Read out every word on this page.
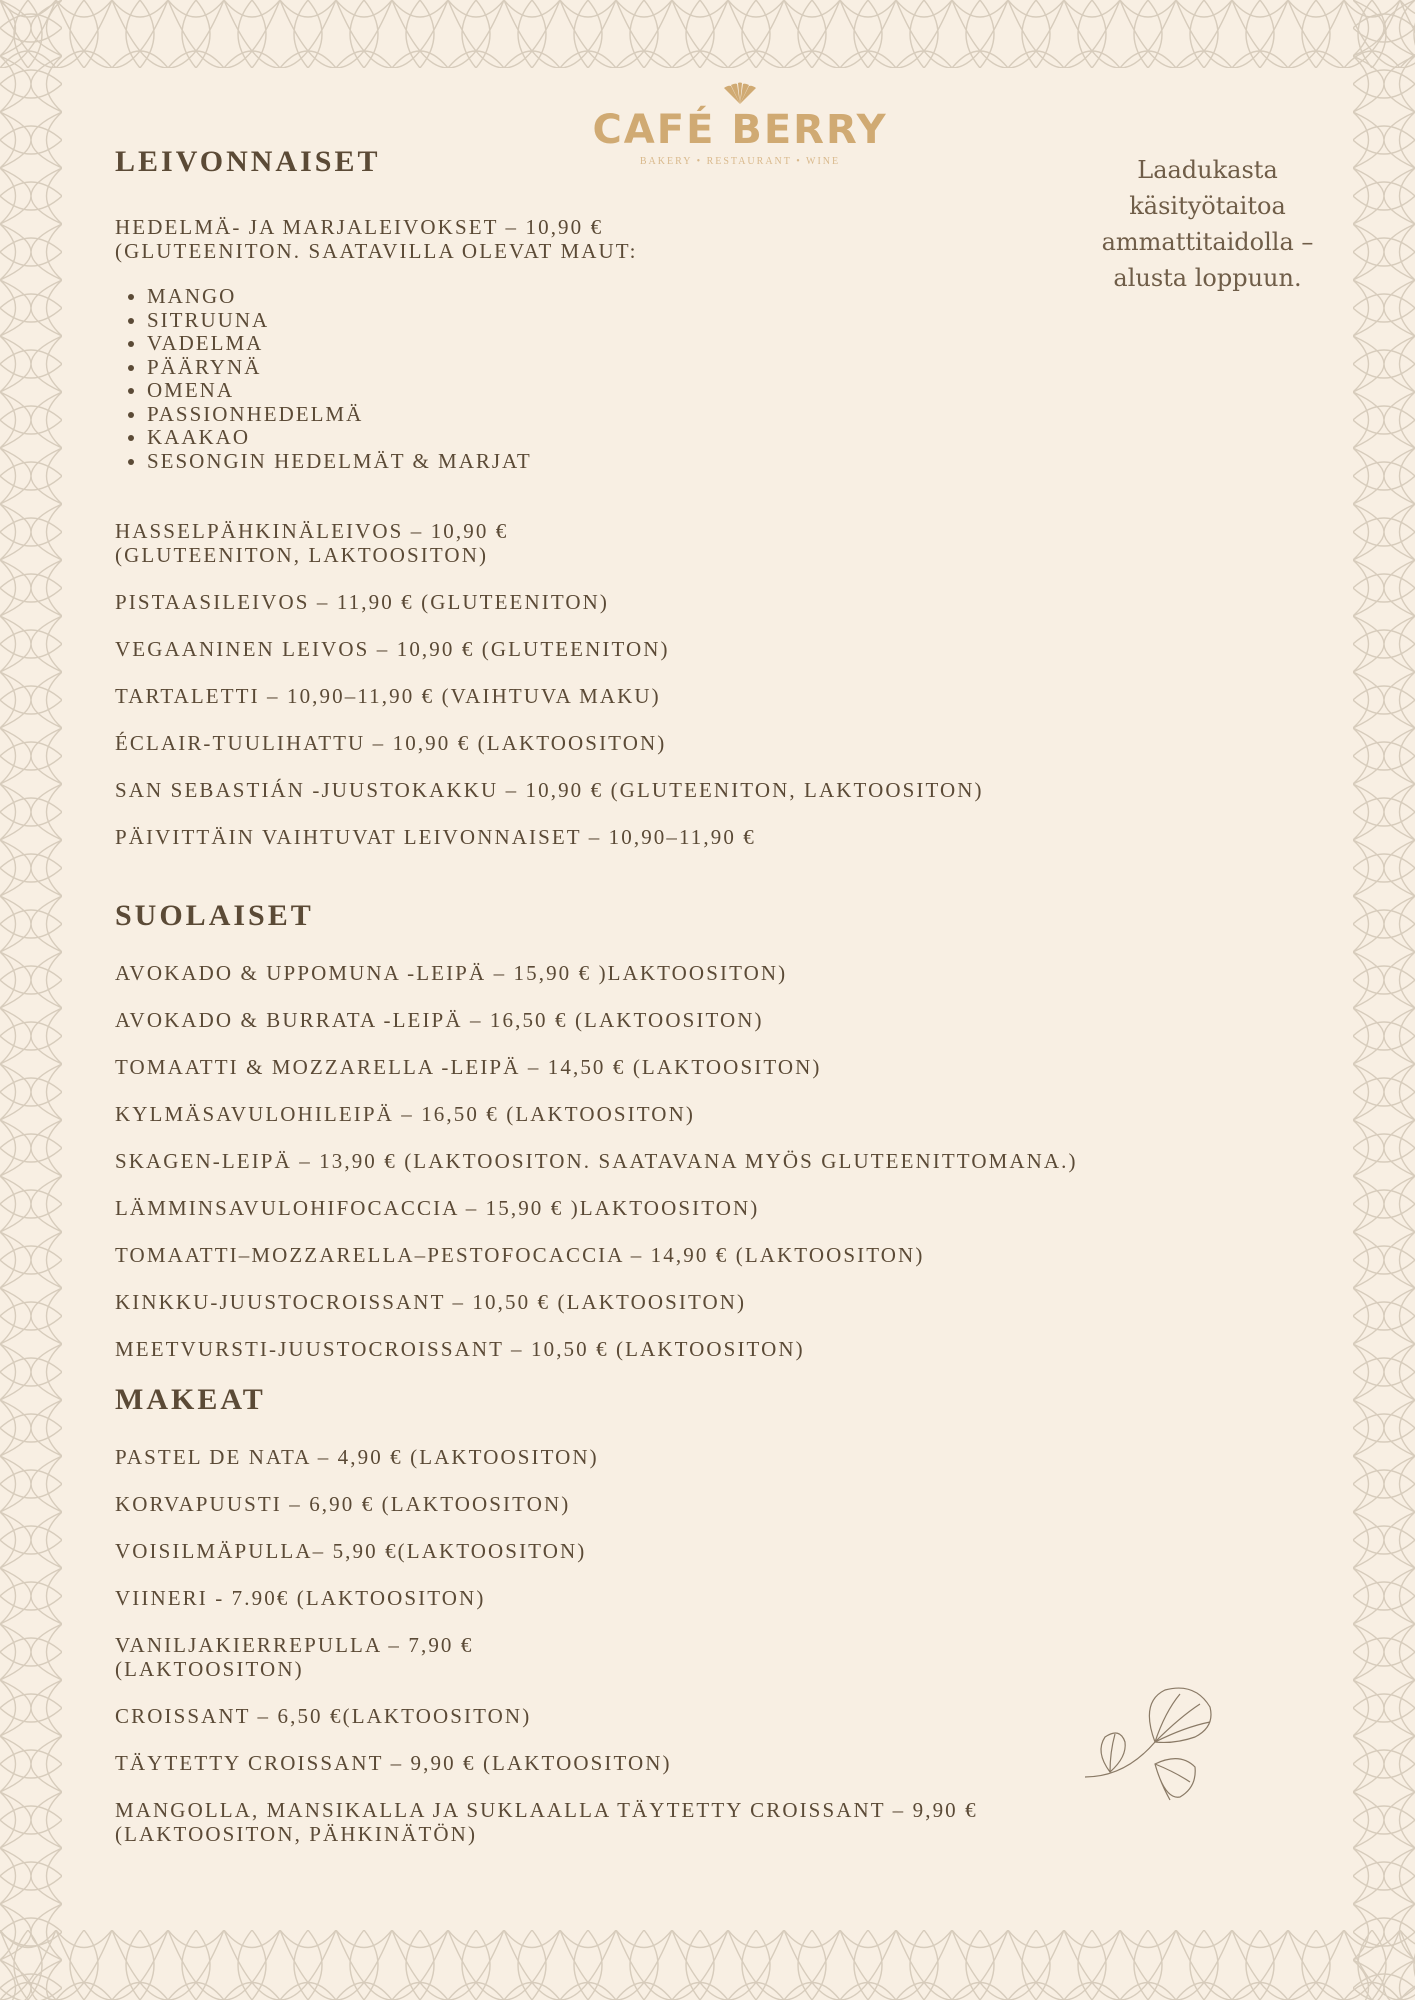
CAFÉ BERRY
BAKERY • RESTAURANT • WINE	Laadukasta käsityötaitoa ammattitaidolla – alusta loppuun.
LEIVONNAISET
HEDELMÄ- JA MARJALEIVOKSET – 10,90 €
(GLUTEENITON. SAATAVILLA OLEVAT MAUT:
• MANGO
• SITRUUNA
• VADELMA
• PÄÄRYNÄ
• OMENA
• PASSIONHEDELMÄ
• KAAKAO
• SESONGIN HEDELMÄT & MARJAT
HASSELPÄHKINÄLEIVOS – 10,90 €
(GLUTEENITON, LAKTOOSITON)
PISTAASILEIVOS – 11,90 € (GLUTEENITON)
VEGAANINEN LEIVOS – 10,90 € (GLUTEENITON)
TARTALETTI – 10,90–11,90 € (VAIHTUVA MAKU)
ÉCLAIR-TUULIHATTU – 10,90 € (LAKTOOSITON)
SAN SEBASTIÁN -JUUSTOKAKKU – 10,90 € (GLUTEENITON, LAKTOOSITON)
PÄIVITTÄIN VAIHTUVAT LEIVONNAISET – 10,90–11,90 €
SUOLAISET
AVOKADO & UPPOMUNA -LEIPÄ – 15,90 € )LAKTOOSITON)
AVOKADO & BURRATA -LEIPÄ – 16,50 € (LAKTOOSITON)
TOMAATTI & MOZZARELLA -LEIPÄ – 14,50 € (LAKTOOSITON)
KYLMÄSAVULOHILEIPÄ – 16,50 € (LAKTOOSITON)
SKAGEN-LEIPÄ – 13,90 € (LAKTOOSITON. SAATAVANA MYÖS GLUTEENITTOMANA.)
LÄMMINSAVULOHIFOCACCIA – 15,90 € )LAKTOOSITON)
TOMAATTI–MOZZARELLA–PESTOFOCACCIA – 14,90 € (LAKTOOSITON)
KINKKU-JUUSTOCROISSANT – 10,50 € (LAKTOOSITON)
MEETVURSTI-JUUSTOCROISSANT – 10,50 € (LAKTOOSITON)
MAKEAT
PASTEL DE NATA – 4,90 € (LAKTOOSITON)
KORVAPUUSTI – 6,90 € (LAKTOOSITON)
VOISILMÄPULLA– 5,90 €(LAKTOOSITON)
VIINERI - 7.90€ (LAKTOOSITON)
VANILJAKIERREPULLA – 7,90 €
(LAKTOOSITON)
CROISSANT – 6,50 €(LAKTOOSITON)
TÄYTETTY CROISSANT – 9,90 € (LAKTOOSITON)
MANGOLLA, MANSIKALLA JA SUKLAALLA TÄYTETTY CROISSANT – 9,90 €
(LAKTOOSITON, PÄHKINÄTÖN)
